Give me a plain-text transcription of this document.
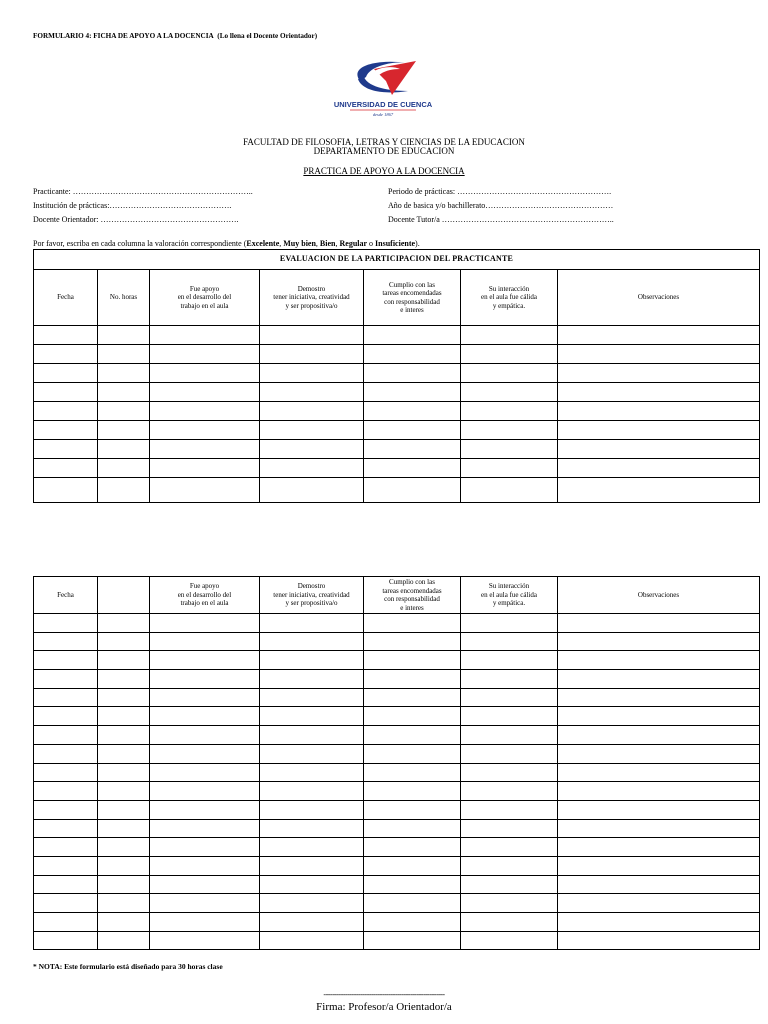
FORMULARIO 4: FICHA DE APOYO A LA DOCENCIA (Lo llena el Docente Orientador)
UNIVERSIDAD DE CUENCA
desde 1867
FACULTAD DE FILOSOFIA, LETRAS Y CIENCIAS DE LA EDUCACION
DEPARTAMENTO DE EDUCACION
PRACTICA DE APOYO A LA DOCENCIA
Practicante: …………………………………………………………..
Institución de prácticas:……………………………………….
Docente Orientador: …………………………………………….
Periodo de prácticas: ………………………………………………….
Año de basica y/o bachillerato…………………………………………
Docente Tutor/a ………………………………………………………..
Por favor, escriba en cada columna la valoración correspondiente (Excelente, Muy bien, Bien, Regular o Insuficiente).
EVALUACION DE LA PARTICIPACION DEL PRACTICANTE						
Fecha	No. horas	Fue apoyo
en el desarrollo del
trabajo en el aula	Demostro
tener iniciativa, creatividad
y ser propositiva/o	Cumplio con las
tareas encomendadas
con responsabilidad
e interes	Su interacción
en el aula fue cálida
y empática.	Observaciones

Fecha		Fue apoyo
en el desarrollo del
trabajo en el aula	Demostro
tener iniciativa, creatividad
y ser propositiva/o	Cumplio con las
tareas encomendadas
con responsabilidad
e interes	Su interacción
en el aula fue cálida
y empática.	Observaciones

* NOTA: Este formulario está diseñado para 30 horas clase
--------------------------------------------------------
Firma: Profesor/a Orientador/a
